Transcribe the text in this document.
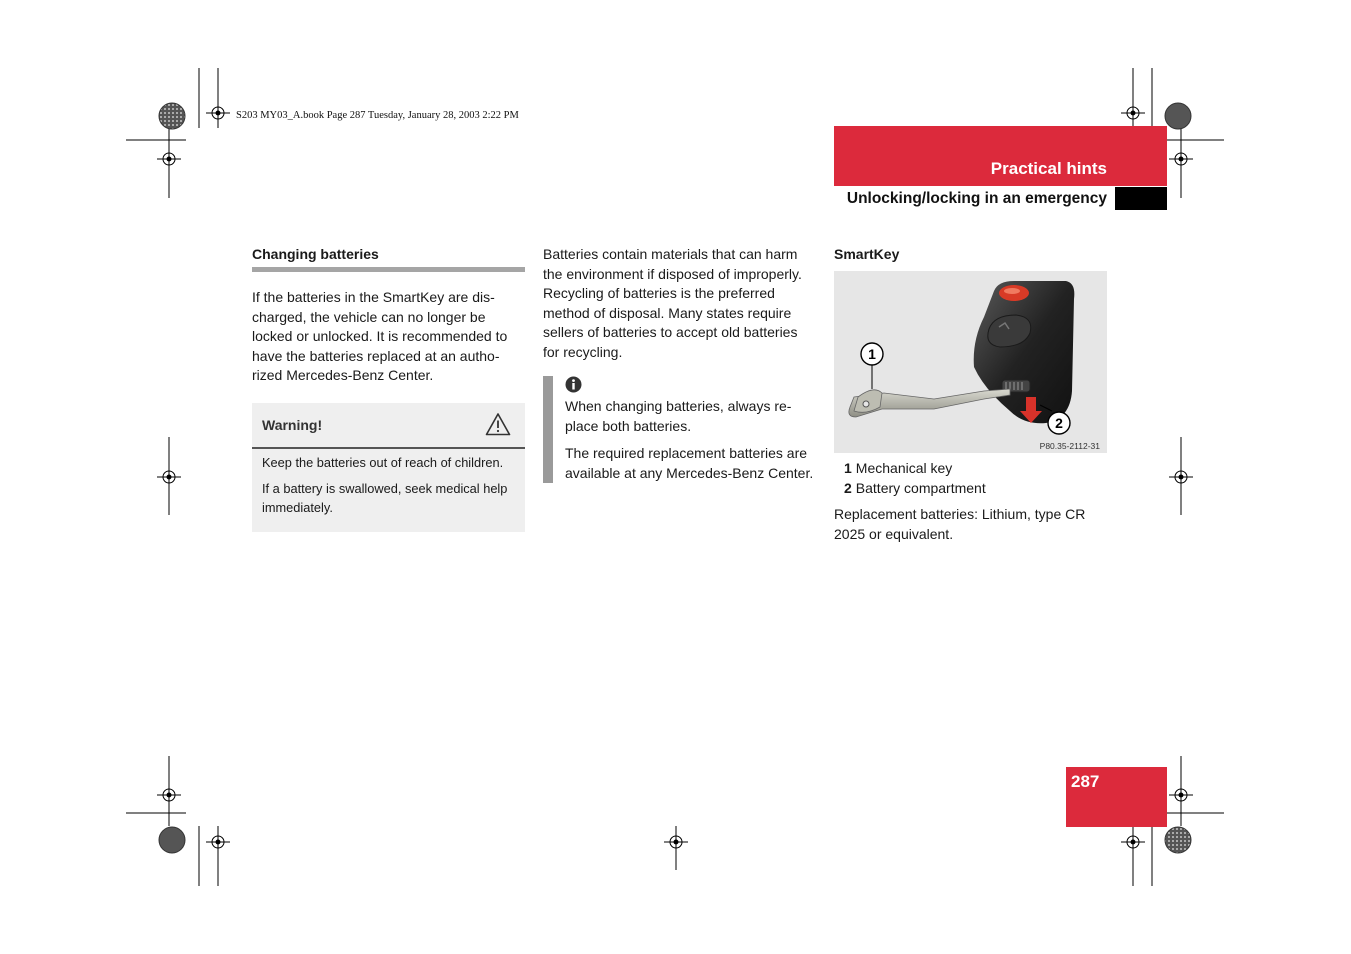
S203 MY03_A.book Page 287 Tuesday, January 28, 2003 2:22 PM
Practical hints
Unlocking/locking in an emergency
Changing batteries
If the batteries in the SmartKey are dis-charged, the vehicle can no longer be locked or unlocked. It is recommended to have the batteries replaced at an autho-rized Mercedes-Benz Center.
Warning!

Keep the batteries out of reach of children.

If a battery is swallowed, seek medical help immediately.

Batteries contain materials that can harm the environment if disposed of improperly. Recycling of batteries is the preferred method of disposal. Many states require sellers of batteries to accept old batteries for recycling.

When changing batteries, always re-place both batteries.

The required replacement batteries are available at any Mercedes-Benz Center.

SmartKey
1
2
P80.35-2112-31
1 Mechanical key
2 Battery compartment
Replacement batteries: Lithium, type CR 2025 or equivalent.
287
